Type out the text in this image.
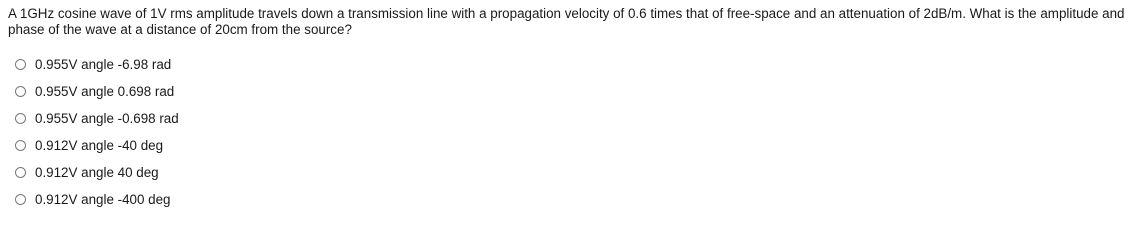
A 1GHz cosine wave of 1V rms amplitude travels down a transmission line with a propagation velocity of 0.6 times that of free-space and an attenuation of 2dB/m. What is the amplitude and phase of the wave at a distance of 20cm from the source?

0.955V angle -6.98 rad
0.955V angle 0.698 rad
0.955V angle -0.698 rad
0.912V angle -40 deg
0.912V angle 40 deg
0.912V angle -400 deg
